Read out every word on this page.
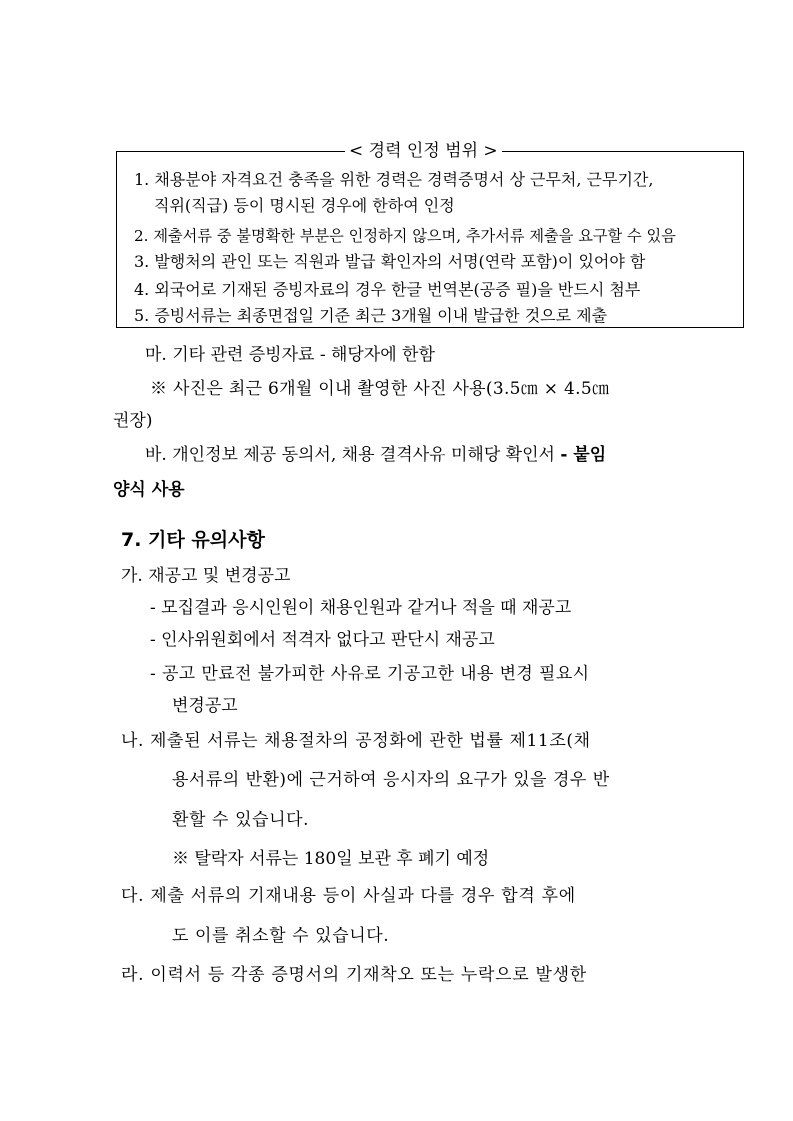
< 경력 인정 범위 >
1. 채용분야 자격요건 충족을 위한 경력은 경력증명서 상 근무처, 근무기간,
직위(직급) 등이 명시된 경우에 한하여 인정
2. 제출서류 중 불명확한 부분은 인정하지 않으며, 추가서류 제출을 요구할 수 있음
3. 발행처의 관인 또는 직원과 발급 확인자의 서명(연락 포함)이 있어야 함
4. 외국어로 기재된 증빙자료의 경우 한글 번역본(공증 필)을 반드시 첨부
5. 증빙서류는 최종면접일 기준 최근 3개월 이내 발급한 것으로 제출
마. 기타 관련 증빙자료 - 해당자에 한함
※ 사진은 최근 6개월 이내 촬영한 사진 사용(3.5㎝ × 4.5㎝
권장)
바. 개인정보 제공 동의서, 채용 결격사유 미해당 확인서 - 붙임
양식 사용
7. 기타 유의사항
가. 재공고 및 변경공고
- 모집결과 응시인원이 채용인원과 같거나 적을 때 재공고
- 인사위원회에서 적격자 없다고 판단시 재공고
- 공고 만료전 불가피한 사유로 기공고한 내용 변경 필요시
변경공고
나. 제출된 서류는 채용절차의 공정화에 관한 법률 제11조(채
용서류의 반환)에 근거하여 응시자의 요구가 있을 경우 반
환할 수 있습니다.
※ 탈락자 서류는 180일 보관 후 폐기 예정
다. 제출 서류의 기재내용 등이 사실과 다를 경우 합격 후에
도 이를 취소할 수 있습니다.
라. 이력서 등 각종 증명서의 기재착오 또는 누락으로 발생한
